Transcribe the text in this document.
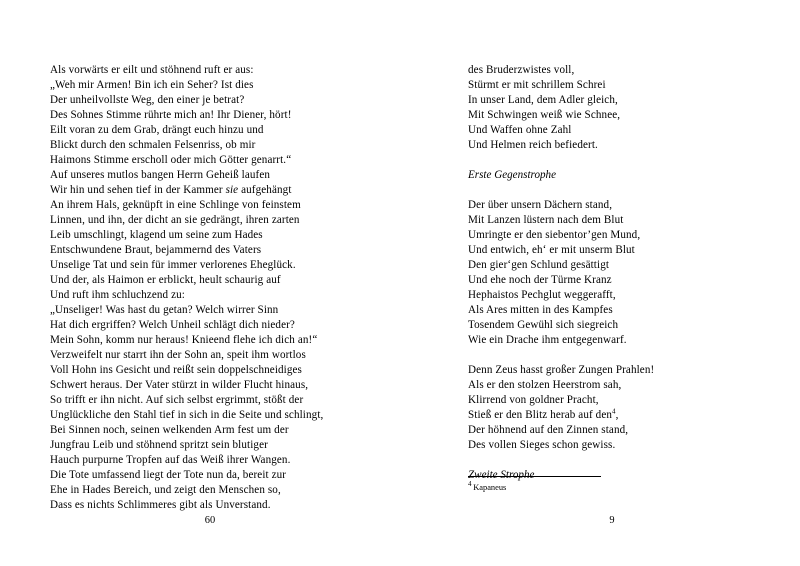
Als vorwärts er eilt und stöhnend ruft er aus:
„Weh mir Armen! Bin ich ein Seher? Ist dies
Der unheilvollste Weg, den einer je betrat?
Des Sohnes Stimme rührte mich an! Ihr Diener, hört!
Eilt voran zu dem Grab, drängt euch hinzu und
Blickt durch den schmalen Felsenriss, ob mir
Haimons Stimme erscholl oder mich Götter genarrt.“
Auf unseres mutlos bangen Herrn Geheiß laufen
Wir hin und sehen tief in der Kammer sie aufgehängt
An ihrem Hals, geknüpft in eine Schlinge von feinstem
Linnen, und ihn, der dicht an sie gedrängt, ihren zarten
Leib umschlingt, klagend um seine zum Hades
Entschwundene Braut, bejammernd des Vaters
Unselige Tat und sein für immer verlorenes Eheglück.
Und der, als Haimon er erblickt, heult schaurig auf
Und ruft ihm schluchzend zu:
„Unseliger! Was hast du getan? Welch wirrer Sinn
Hat dich ergriffen? Welch Unheil schlägt dich nieder?
Mein Sohn, komm nur heraus! Knieend flehe ich dich an!“
Verzweifelt nur starrt ihn der Sohn an, speit ihm wortlos
Voll Hohn ins Gesicht und reißt sein doppelschneidiges
Schwert heraus. Der Vater stürzt in wilder Flucht hinaus,
So trifft er ihn nicht. Auf sich selbst ergrimmt, stößt der
Unglückliche den Stahl tief in sich in die Seite und schlingt,
Bei Sinnen noch, seinen welkenden Arm fest um der
Jungfrau Leib und stöhnend spritzt sein blutiger
Hauch purpurne Tropfen auf das Weiß ihrer Wangen.
Die Tote umfassend liegt der Tote nun da, bereit zur
Ehe in Hades Bereich, und zeigt den Menschen so,
Dass es nichts Schlimmeres gibt als Unverstand.
des Bruderzwistes voll,
Stürmt er mit schrillem Schrei
In unser Land, dem Adler gleich,
Mit Schwingen weiß wie Schnee,
Und Waffen ohne Zahl
Und Helmen reich befiedert.
Erste Gegenstrophe
Der über unsern Dächern stand,
Mit Lanzen lüstern nach dem Blut
Umringte er den siebentor’gen Mund,
Und entwich, eh‘ er mit unserm Blut
Den gier‘gen Schlund gesättigt
Und ehe noch der Türme Kranz
Hephaistos Pechglut weggerafft,
Als Ares mitten in des Kampfes
Tosendem Gewühl sich siegreich
Wie ein Drache ihm entgegenwarf.
Denn Zeus hasst großer Zungen Prahlen!
Als er den stolzen Heerstrom sah,
Klirrend von goldner Pracht,
Stieß er den Blitz herab auf den$^4$,
Der höhnend auf den Zinnen stand,
Des vollen Sieges schon gewiss.
Zweite Strophe
$^4$ Kapaneus
60	9
